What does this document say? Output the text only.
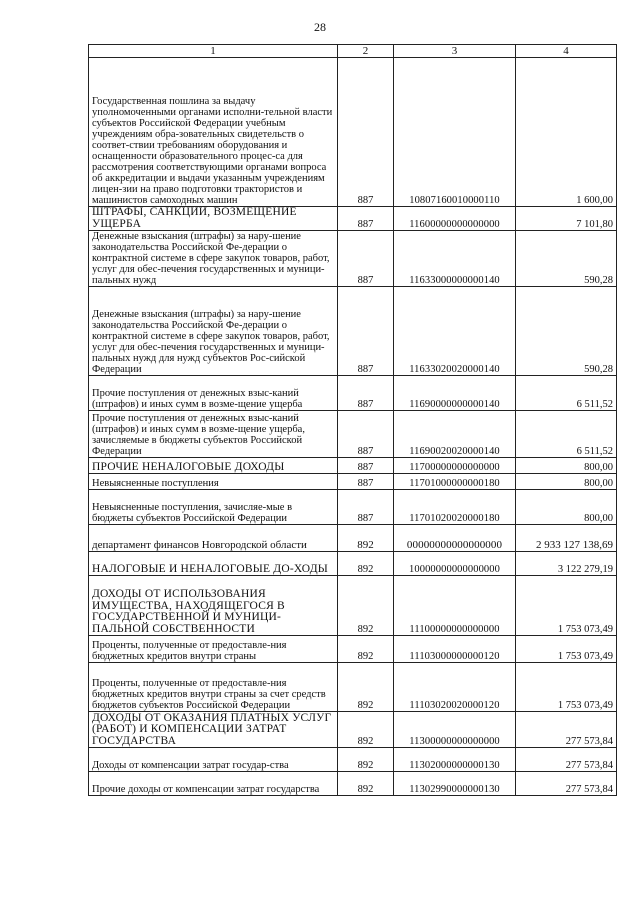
28
1	2	3	4
Государственная пошлина за выдачу уполномоченными органами исполни-тельной власти субъектов Российской Федерации учебным учреждениям обра-зовательных свидетельств о соответ-ствии требованиям оборудования и оснащенности образовательного процес-са для рассмотрения соответствующими органами вопроса об аккредитации и выдачи указанным учреждениям лицен-зии на право подготовки трактористов и машинистов самоходных машин	887	10807160010000110	1 600,00
ШТРАФЫ, САНКЦИИ, ВОЗМЕЩЕНИЕ УЩЕРБА	887	11600000000000000	7 101,80
Денежные взыскания (штрафы) за нару-шение законодательства Российской Фе-дерации о контрактной системе в сфере закупок товаров, работ, услуг для обес-печения государственных и муници-пальных нужд	887	11633000000000140	590,28
Денежные взыскания (штрафы) за нару-шение законодательства Российской Фе-дерации о контрактной системе в сфере закупок товаров, работ, услуг для обес-печения государственных и муници-пальных нужд для нужд субъектов Рос-сийской Федерации	887	11633020020000140	590,28
Прочие поступления от денежных взыс-каний (штрафов) и иных сумм в возме-щение ущерба	887	11690000000000140	6 511,52
Прочие поступления от денежных взыс-каний (штрафов) и иных сумм в возме-щение ущерба, зачисляемые в бюджеты субъектов Российской Федерации	887	11690020020000140	6 511,52
ПРОЧИЕ НЕНАЛОГОВЫЕ ДОХОДЫ	887	11700000000000000	800,00
Невыясненные поступления	887	11701000000000180	800,00
Невыясненные поступления, зачисляе-мые в бюджеты субъектов Российской Федерации	887	11701020020000180	800,00
департамент финансов Новгородской области	892	00000000000000000	2 933 127 138,69
НАЛОГОВЫЕ И НЕНАЛОГОВЫЕ ДО-ХОДЫ	892	10000000000000000	3 122 279,19
ДОХОДЫ ОТ ИСПОЛЬЗОВАНИЯ ИМУЩЕСТВА, НАХОДЯЩЕГОСЯ В ГОСУДАРСТВЕННОЙ И МУНИЦИ-ПАЛЬНОЙ СОБСТВЕННОСТИ	892	11100000000000000	1 753 073,49
Проценты, полученные от предоставле-ния бюджетных кредитов внутри страны	892	11103000000000120	1 753 073,49
Проценты, полученные от предоставле-ния бюджетных кредитов внутри страны за счет средств бюджетов субъектов Российской Федерации	892	11103020020000120	1 753 073,49
ДОХОДЫ ОТ ОКАЗАНИЯ ПЛАТНЫХ УСЛУГ (РАБОТ) И КОМПЕНСАЦИИ ЗАТРАТ ГОСУДАРСТВА	892	11300000000000000	277 573,84
Доходы от компенсации затрат государ-ства	892	11302000000000130	277 573,84
Прочие доходы от компенсации затрат государства	892	11302990000000130	277 573,84
